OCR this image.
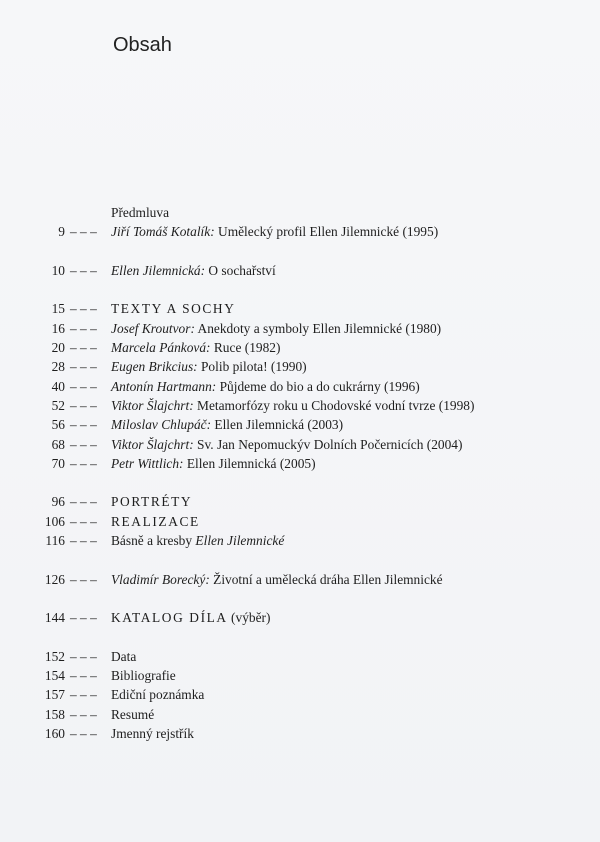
Obsah
Předmluva
9 – – –	Jiří Tomáš Kotalík: Umělecký profil Ellen Jilemnické (1995)
10 – – –	Ellen Jilemnická: O sochařství
15 – – –	TEXTY A SOCHY
16 – – –	Josef Kroutvor: Anekdoty a symboly Ellen Jilemnické (1980)
20 – – –	Marcela Pánková: Ruce (1982)
28 – – –	Eugen Brikcius: Polib pilota! (1990)
40 – – –	Antonín Hartmann: Půjdeme do bio a do cukrárny (1996)
52 – – –	Viktor Šlajchrt: Metamorfózy roku u Chodovské vodní tvrze (1998)
56 – – –	Miloslav Chlupáč: Ellen Jilemnická (2003)
68 – – –	Viktor Šlajchrt: Sv. Jan Nepomuckýv Dolních Počernicích (2004)
70 – – –	Petr Wittlich: Ellen Jilemnická (2005)
96 – – –	PORTRÉTY
106 – – –	REALIZACE
116 – – –	Básně a kresby Ellen Jilemnické
126 – – –	Vladimír Borecký: Životní a umělecká dráha Ellen Jilemnické
144 – – –	KATALOG DÍLA (výběr)
152 – – –	Data
154 – – –	Bibliografie
157 – – –	Ediční poznámka
158 – – –	Resumé
160 – – –	Jmenný rejstřík
